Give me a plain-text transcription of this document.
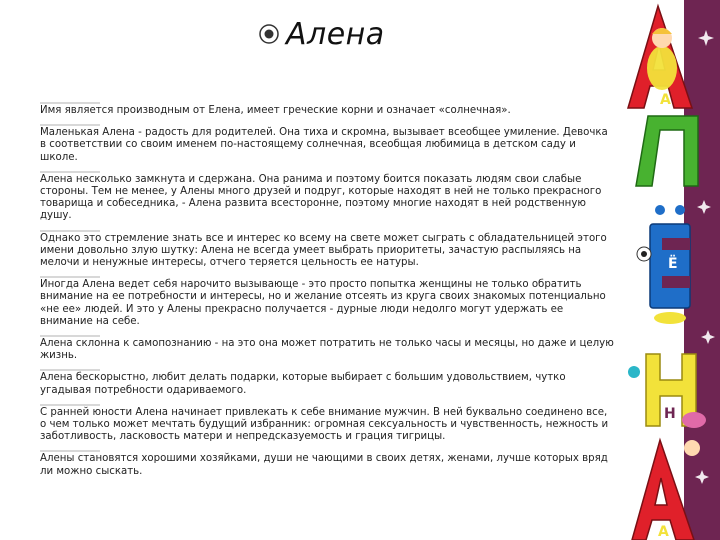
Алена
Имя является производным от Елена, имеет греческие корни и означает «солнечная».
Маленькая Алена - радость для родителей. Она тиха и скромна, вызывает всеобщее умиление. Девочка в соответствии со своим именем по-настоящему солнечная, всеобщая любимица в детском саду и школе.
Алена несколько замкнута и сдержана. Она ранима и поэтому боится показать людям свои слабые стороны. Тем не менее, у Алены много друзей и подруг, которые находят в ней не только прекрасного товарища и собеседника, - Алена развита всесторонне, поэтому многие находят в ней родственную душу.
Однако это стремление знать все и интерес ко всему на свете может сыграть с обладательницей этого имени довольно злую шутку: Алена не всегда умеет выбрать приоритеты, зачастую распыляясь на мелочи и ненужные интересы, отчего теряется цельность ее натуры.
Иногда Алена ведет себя нарочито вызывающе - это просто попытка женщины не только обратить внимание на ее потребности и интересы, но и желание отсеять из круга своих знакомых потенциально «не ее» людей. И это у Алены прекрасно получается - дурные люди недолго могут удержать ее внимание на себе.
Алена склонна к самопознанию - на это она может потратить не только часы и месяцы, но даже и целую жизнь.
Алена бескорыстно, любит делать подарки, которые выбирает с большим удовольствием, чутко угадывая потребности одариваемого.
С ранней юности Алена начинает привлекать к себе внимание мужчин. В ней буквально соединено все, о чем только может мечтать будущий избранник: огромная сексуальность и чувственность, нежность и заботливость, ласковость матери и непредсказуемость и грация тигрицы.
Алены становятся хорошими хозяйками, души не чающими в своих детях, женами, лучше которых вряд ли можно сыскать.
А
Л
Ё
Н
А
